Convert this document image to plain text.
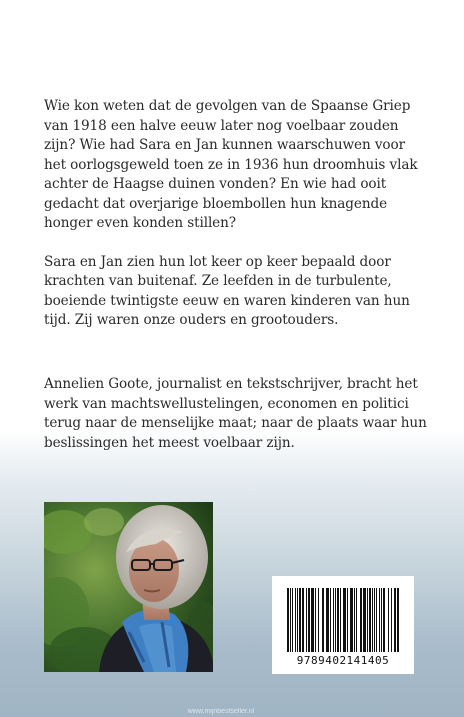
Wie kon weten dat de gevolgen van de Spaanse Griep van 1918 een halve eeuw later nog voelbaar zouden zijn? Wie had Sara en Jan kunnen waarschuwen voor het oorlogsgeweld toen ze in 1936 hun droomhuis vlak achter de Haagse duinen vonden? En wie had ooit gedacht dat overjarige bloembollen hun knagende honger even konden stillen?

Sara en Jan zien hun lot keer op keer bepaald door krachten van buitenaf. Ze leefden in de turbulente, boeiende twintigste eeuw en waren kinderen van hun tijd. Zij waren onze ouders en grootouders.

Annelien Goote, journalist en tekstschrijver, bracht het werk van machtswellustelingen, economen en politici terug naar de menselijke maat; naar de plaats waar hun beslissingen het meest voelbaar zijn.

9789402141405
www.mijnbestseller.nl
